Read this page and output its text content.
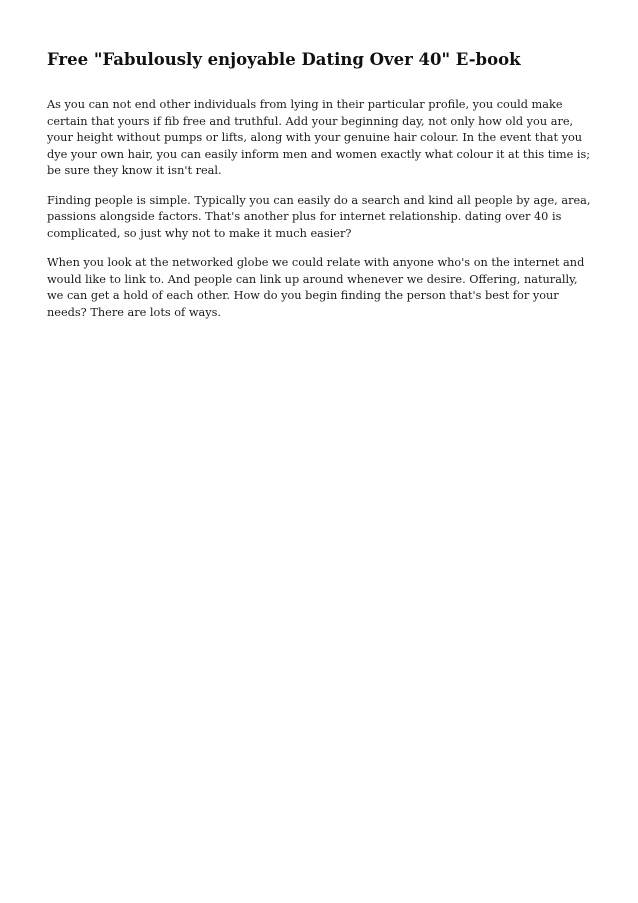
Free "Fabulously enjoyable Dating Over 40" E-book

As you can not end other individuals from lying in their particular profile, you could make certain that yours if fib free and truthful. Add your beginning day, not only how old you are, your height without pumps or lifts, along with your genuine hair colour. In the event that you dye your own hair, you can easily inform men and women exactly what colour it at this time is; be sure they know it isn't real.

Finding people is simple. Typically you can easily do a search and kind all people by age, area, passions alongside factors. That's another plus for internet relationship. dating over 40 is complicated, so just why not to make it much easier?

When you look at the networked globe we could relate with anyone who's on the internet and would like to link to. And people can link up around whenever we desire. Offering, naturally, we can get a hold of each other. How do you begin finding the person that's best for your needs? There are lots of ways.
